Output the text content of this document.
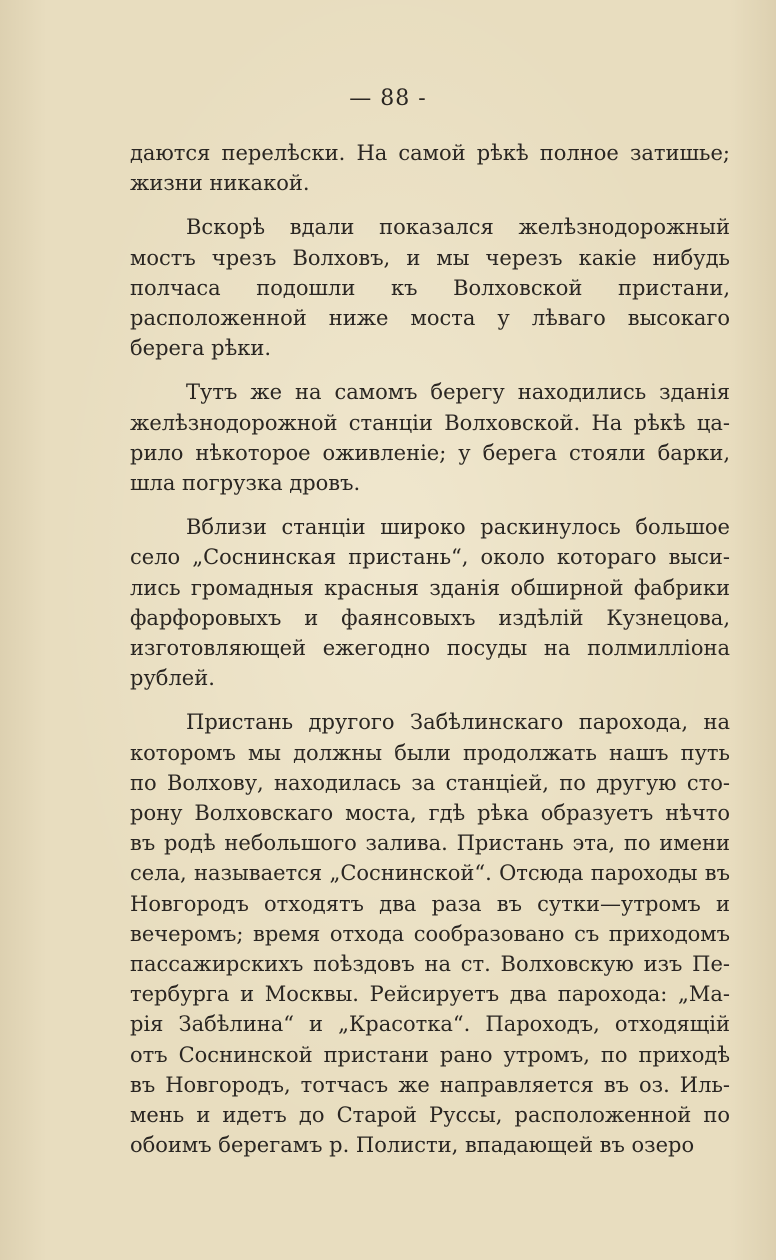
— 88 -

даются перелѣски. На самой рѣкѣ полное затишье; жизни никакой.

Вскорѣ вдали показался желѣзнодорожный мостъ чрезъ Волховъ, и мы черезъ какіе нибудь полчаса подошли къ Волховской пристани, расположенной ниже моста у лѣваго высокаго берега рѣки.

Тутъ же на самомъ берегу находились зданія желѣзнодорожной станціи Волховской. На рѣкѣ царило нѣкоторое оживленіе; у берега стояли барки, шла погрузка дровъ.

Вблизи станціи широко раскинулось большое село „Соснинская пристань“, около котораго высились громадныя красныя зданія обширной фабрики фарфоровыхъ и фаянсовыхъ издѣлій Кузнецова, изготовляющей ежегодно посуды на полмилліона рублей.

Пристань другого Забѣлинскаго парохода, на которомъ мы должны были продолжать нашъ путь по Волхову, находилась за станціей, по другую сторону Волховскаго моста, гдѣ рѣка образуетъ нѣчто въ родѣ небольшого залива. Пристань эта, по имени села, называется „Соснинской“. Отсюда пароходы въ Новгородъ отходятъ два раза въ сутки—утромъ и вечеромъ; время отхода сообразовано съ приходомъ пассажирскихъ поѣздовъ на ст. Волховскую изъ Петербурга и Москвы. Рейсируетъ два парохода: „Марія Забѣлина“ и „Красотка“. Пароходъ, отходящій отъ Соснинской пристани рано утромъ, по приходѣ въ Новгородъ, тотчасъ же направляется въ оз. Ильмень и идетъ до Старой Руссы, расположенной по обоимъ берегамъ р. Полисти, впадающей въ озеро
